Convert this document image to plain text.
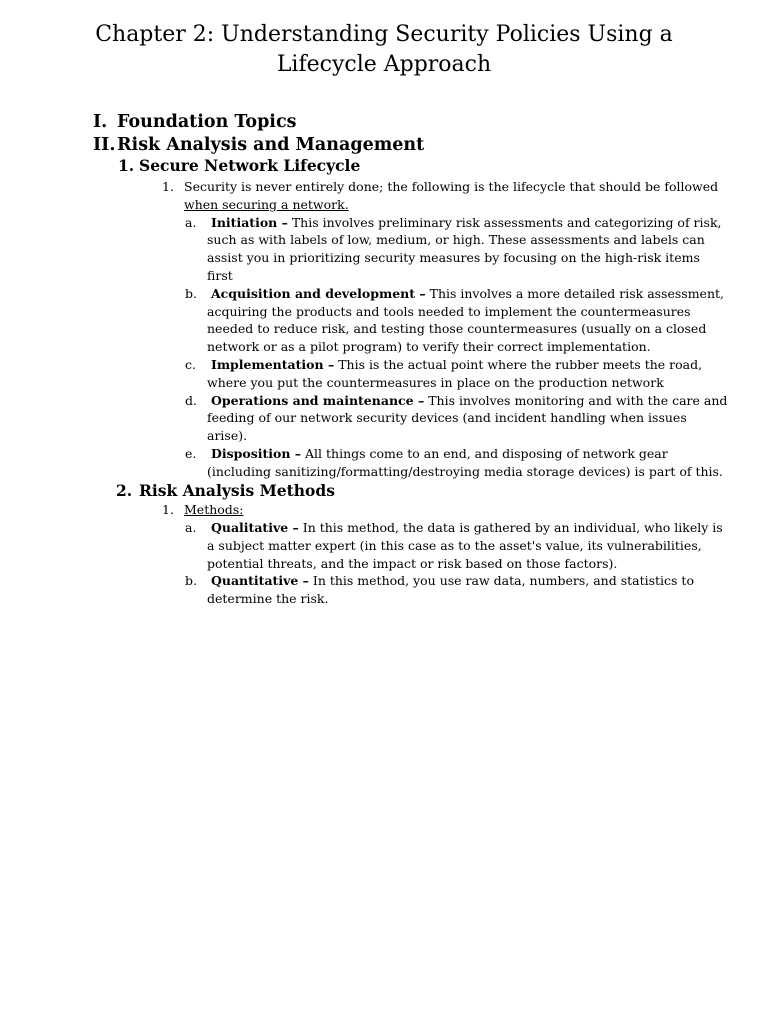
Chapter 2: Understanding Security Policies Using a Lifecycle Approach
I. Foundation Topics
II. Risk Analysis and Management
1. Secure Network Lifecycle
1. Security is never entirely done; the following is the lifecycle that should be followed
when securing a network.
a.	Initiation – This involves preliminary risk assessments and categorizing of risk,
such as with labels of low, medium, or high. These assessments and labels can
assist you in prioritizing security measures by focusing on the high-risk items
first
b.	Acquisition and development – This involves a more detailed risk assessment,
acquiring the products and tools needed to implement the countermeasures
needed to reduce risk, and testing those countermeasures (usually on a closed
network or as a pilot program) to verify their correct implementation.
c.	Implementation – This is the actual point where the rubber meets the road,
where you put the countermeasures in place on the production network
d.	Operations and maintenance – This involves monitoring and with the care and
feeding of our network security devices (and incident handling when issues
arise).
e.	Disposition – All things come to an end, and disposing of network gear
(including sanitizing/formatting/destroying media storage devices) is part of this.
2. Risk Analysis Methods
1. Methods:
a.	Qualitative – In this method, the data is gathered by an individual, who likely is
a subject matter expert (in this case as to the asset's value, its vulnerabilities,
potential threats, and the impact or risk based on those factors).
b.	Quantitative – In this method, you use raw data, numbers, and statistics to
determine the risk.
